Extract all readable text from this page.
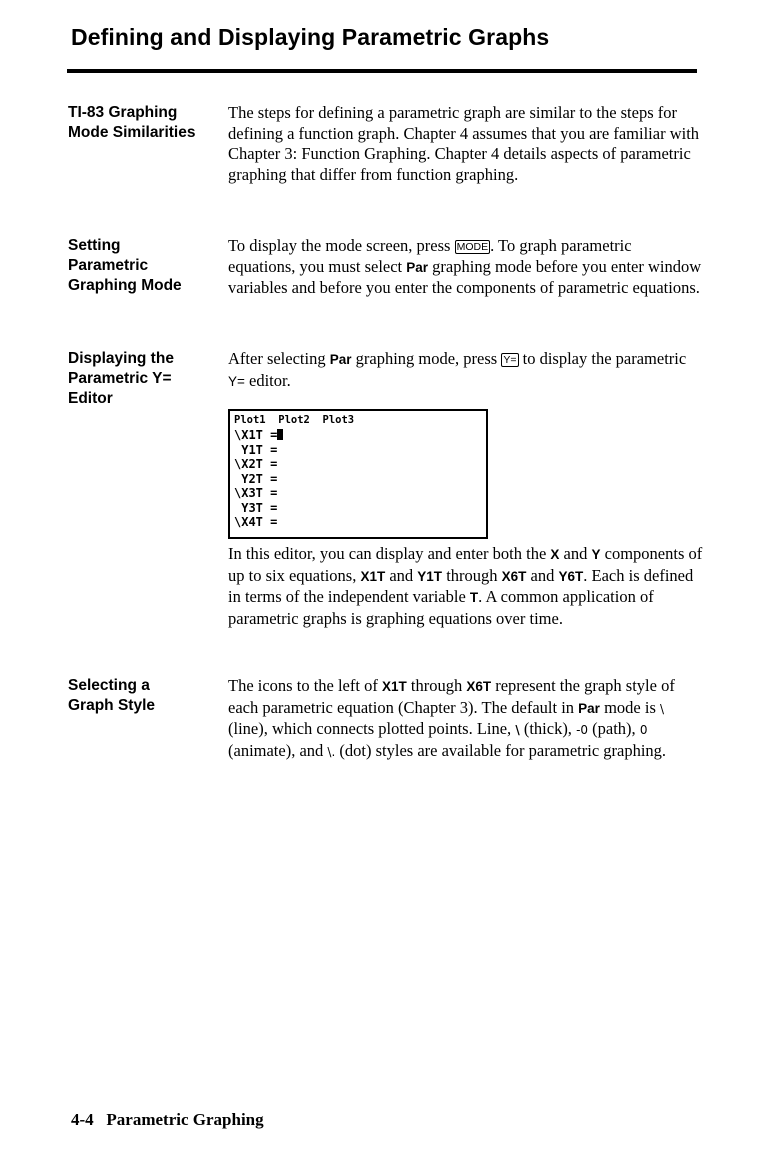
Defining and Displaying Parametric Graphs
TI-83 Graphing
Mode Similarities

The steps for defining a parametric graph are similar to the steps for defining a function graph. Chapter 4 assumes that you are familiar with Chapter 3: Function Graphing. Chapter 4 details aspects of parametric graphing that differ from function graphing.

Setting
Parametric
Graphing Mode

To display the mode screen, press MODE . To graph parametric equations, you must select Par graphing mode before you enter window variables and before you enter the components of parametric equations.

Displaying the
Parametric Y=
Editor

After selecting Par graphing mode, press Y= to display the parametric Y= editor.

Plot1  Plot2  Plot3
\X1T =
Y1T =
\X2T =
Y2T =
\X3T =
Y3T =
\X4T =

In this editor, you can display and enter both the X and Y components of up to six equations, X1T and Y1T through X6T and Y6T. Each is defined in terms of the independent variable T. A common application of parametric graphs is graphing equations over time.

Selecting a
Graph Style

The icons to the left of X1T through X6T represent the graph style of each parametric equation (Chapter 3). The default in Par mode is \ (line), which connects plotted points. Line, \ (thick), -0 (path), 0 (animate), and \. (dot) styles are available for parametric graphing.

4-4   Parametric Graphing
